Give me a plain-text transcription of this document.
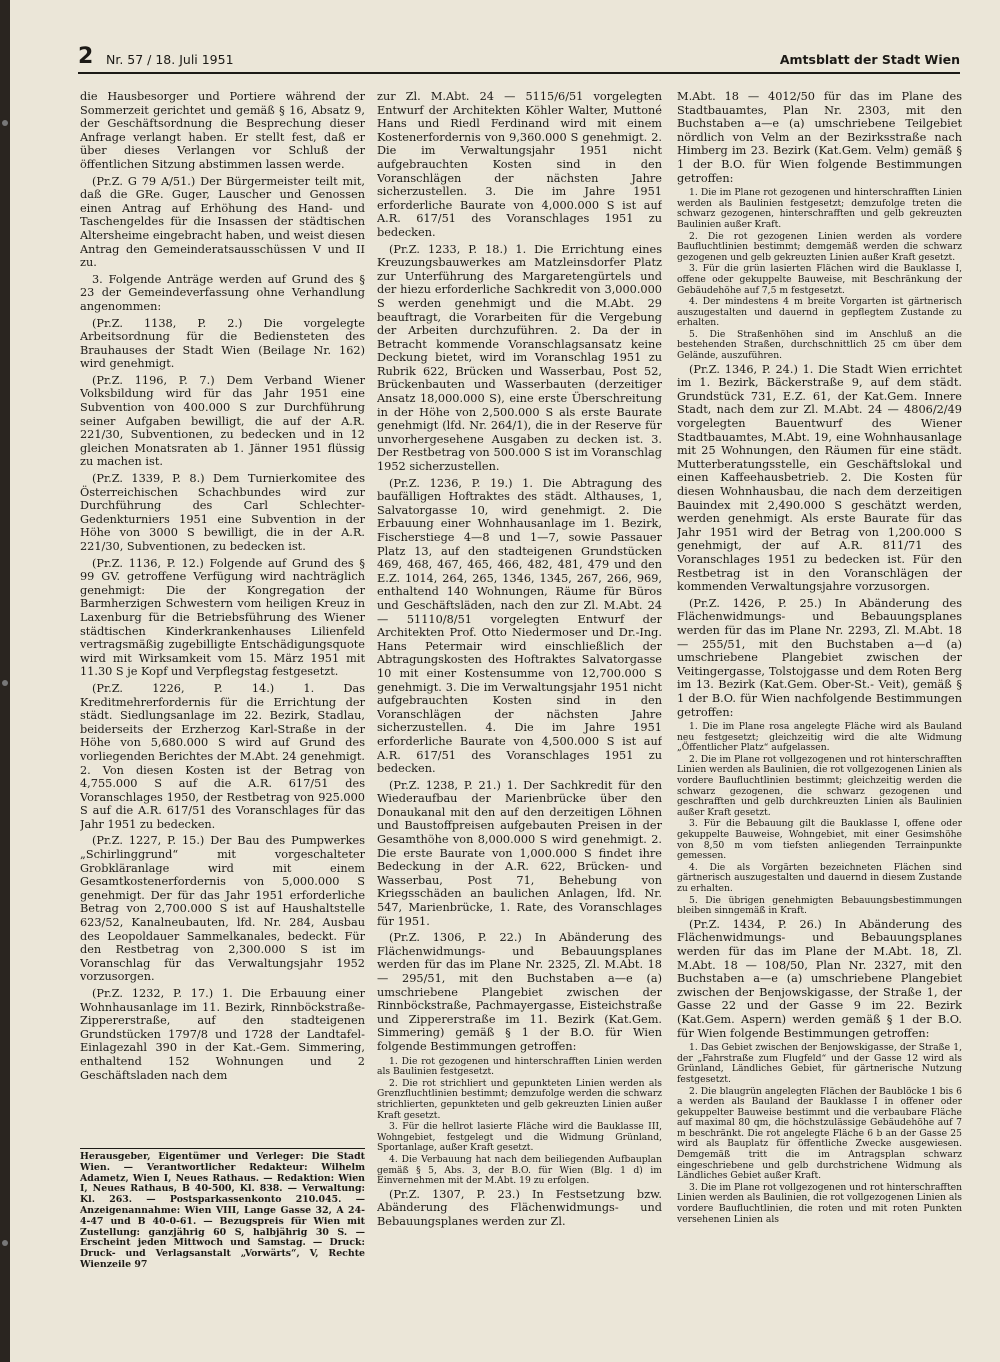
2 Nr. 57 / 18. Juli 1951	Amtsblatt der Stadt Wien

die Hausbesorger und Portiere während der Sommerzeit gerichtet und gemäß § 16, Absatz 9, der Geschäftsordnung die Besprechung dieser Anfrage verlangt haben. Er stellt fest, daß er über dieses Verlangen vor Schluß der öffentlichen Sitzung abstimmen lassen werde.

(Pr.Z. G 79 A/51.) Der Bürgermeister teilt mit, daß die GRe. Guger, Lauscher und Genossen einen Antrag auf Erhöhung des Hand- und Taschengeldes für die Insassen der städtischen Altersheime eingebracht haben, und weist diesen Antrag den Gemeinderatsausschüssen V und II zu.

3. Folgende Anträge werden auf Grund des § 23 der Gemeindeverfassung ohne Verhandlung angenommen:

(Pr.Z. 1138, P. 2.) Die vorgelegte Arbeitsordnung für die Bediensteten des Brauhauses der Stadt Wien (Beilage Nr. 162) wird genehmigt.

(Pr.Z. 1196, P. 7.) Dem Verband Wiener Volksbildung wird für das Jahr 1951 eine Subvention von 400.000 S zur Durchführung seiner Aufgaben bewilligt, die auf der A.R. 221/30, Subventionen, zu bedecken und in 12 gleichen Monatsraten ab 1. Jänner 1951 flüssig zu machen ist.

(Pr.Z. 1339, P. 8.) Dem Turnierkomitee des Österreichischen Schachbundes wird zur Durchführung des Carl Schlechter-Gedenkturniers 1951 eine Subvention in der Höhe von 3000 S bewilligt, die in der A.R. 221/30, Subventionen, zu bedecken ist.

(Pr.Z. 1136, P. 12.) Folgende auf Grund des § 99 GV. getroffene Verfügung wird nachträglich genehmigt: Die der Kongregation der Barmherzigen Schwestern vom heiligen Kreuz in Laxenburg für die Betriebsführung des Wiener städtischen Kinderkrankenhauses Lilienfeld vertragsmäßig zugebilligte Entschädigungsquote wird mit Wirksamkeit vom 15. März 1951 mit 11.30 S je Kopf und Verpflegstag festgesetzt.

(Pr.Z. 1226, P. 14.) 1. Das Kreditmehrerfordernis für die Errichtung der städt. Siedlungsanlage im 22. Bezirk, Stadlau, beiderseits der Erzherzog Karl-Straße in der Höhe von 5,680.000 S wird auf Grund des vorliegenden Berichtes der M.Abt. 24 genehmigt. 2. Von diesen Kosten ist der Betrag von 4,755.000 S auf die A.R. 617/51 des Voranschlages 1950, der Restbetrag von 925.000 S auf die A.R. 617/51 des Voranschlages für das Jahr 1951 zu bedecken.

(Pr.Z. 1227, P. 15.) Der Bau des Pumpwerkes „Schirlinggrund“ mit vorgeschalteter Grobkläranlage wird mit einem Gesamtkostenerfordernis von 5,000.000 S genehmigt. Der für das Jahr 1951 erforderliche Betrag von 2,700.000 S ist auf Haushaltstelle 623/52, Kanalneubauten, lfd. Nr. 284, Ausbau des Leopoldauer Sammelkanales, bedeckt. Für den Restbetrag von 2,300.000 S ist im Voranschlag für das Verwaltungsjahr 1952 vorzusorgen.

(Pr.Z. 1232, P. 17.) 1. Die Erbauung einer Wohnhausanlage im 11. Bezirk, Rinnböckstraße-Zippererstraße, auf den stadteigenen Grundstücken 1797/8 und 1728 der Landtafel-Einlagezahl 390 in der Kat.-Gem. Simmering, enthaltend 152 Wohnungen und 2 Geschäftsladen nach dem

Herausgeber, Eigentümer und Verleger: Die Stadt Wien. — Verantwortlicher Redakteur: Wilhelm Adametz, Wien I, Neues Rathaus. — Redaktion: Wien I, Neues Rathaus, B 40-500, Kl. 838. — Verwaltung: Kl. 263. — Postsparkassenkonto 210.045. — Anzeigenannahme: Wien VIII, Lange Gasse 32, A 24-4-47 und B 40-0-61. — Bezugspreis für Wien mit Zustellung: ganzjährig 60 S, halbjährig 30 S. — Erscheint jeden Mittwoch und Samstag. — Druck: Druck- und Verlagsanstalt „Vorwärts“, V, Rechte Wienzeile 97

zur Zl. M.Abt. 24 — 5115/6/51 vorgelegten Entwurf der Architekten Köhler Walter, Muttoné Hans und Riedl Ferdinand wird mit einem Kostenerfordernis von 9,360.000 S genehmigt. 2. Die im Verwaltungsjahr 1951 nicht aufgebrauchten Kosten sind in den Voranschlägen der nächsten Jahre sicherzustellen. 3. Die im Jahre 1951 erforderliche Baurate von 4,000.000 S ist auf A.R. 617/51 des Voranschlages 1951 zu bedecken.

(Pr.Z. 1233, P. 18.) 1. Die Errichtung eines Kreuzungsbauwerkes am Matzleinsdorfer Platz zur Unterführung des Margaretengürtels und der hiezu erforderliche Sachkredit von 3,000.000 S werden genehmigt und die M.Abt. 29 beauftragt, die Vorarbeiten für die Vergebung der Arbeiten durchzuführen. 2. Da der in Betracht kommende Voranschlagsansatz keine Deckung bietet, wird im Voranschlag 1951 zu Rubrik 622, Brücken und Wasserbau, Post 52, Brückenbauten und Wasserbauten (derzeitiger Ansatz 18,000.000 S), eine erste Überschreitung in der Höhe von 2,500.000 S als erste Baurate genehmigt (lfd. Nr. 264/1), die in der Reserve für unvorhergesehene Ausgaben zu decken ist. 3. Der Restbetrag von 500.000 S ist im Voranschlag 1952 sicherzustellen.

(Pr.Z. 1236, P. 19.) 1. Die Abtragung des baufälligen Hoftraktes des städt. Althauses, 1, Salvatorgasse 10, wird genehmigt. 2. Die Erbauung einer Wohnhausanlage im 1. Bezirk, Fischerstiege 4—8 und 1—7, sowie Passauer Platz 13, auf den stadteigenen Grundstücken 469, 468, 467, 465, 466, 482, 481, 479 und den E.Z. 1014, 264, 265, 1346, 1345, 267, 266, 969, enthaltend 140 Wohnungen, Räume für Büros und Geschäftsläden, nach den zur Zl. M.Abt. 24 — 51110/8/51 vorgelegten Entwurf der Architekten Prof. Otto Niedermoser und Dr.-Ing. Hans Petermair wird einschließlich der Abtragungskosten des Hoftraktes Salvatorgasse 10 mit einer Kostensumme von 12,700.000 S genehmigt. 3. Die im Verwaltungsjahr 1951 nicht aufgebrauchten Kosten sind in den Voranschlägen der nächsten Jahre sicherzustellen. 4. Die im Jahre 1951 erforderliche Baurate von 4,500.000 S ist auf A.R. 617/51 des Voranschlages 1951 zu bedecken.

(Pr.Z. 1238, P. 21.) 1. Der Sachkredit für den Wiederaufbau der Marienbrücke über den Donaukanal mit den auf den derzeitigen Löhnen und Baustoffpreisen aufgebauten Preisen in der Gesamthöhe von 8,000.000 S wird genehmigt. 2. Die erste Baurate von 1,000.000 S findet ihre Bedeckung in der A.R. 622, Brücken- und Wasserbau, Post 71, Behebung von Kriegsschäden an baulichen Anlagen, lfd. Nr. 547, Marienbrücke, 1. Rate, des Voranschlages für 1951.

(Pr.Z. 1306, P. 22.) In Abänderung des Flächenwidmungs- und Bebauungsplanes werden für das im Plane Nr. 2325, Zl. M.Abt. 18 — 295/51, mit den Buchstaben a—e (a) umschriebene Plangebiet zwischen der Rinnböckstraße, Pachmayergasse, Eisteichstraße und Zippererstraße im 11. Bezirk (Kat.Gem. Simmering) gemäß § 1 der B.O. für Wien folgende Bestimmungen getroffen:

1. Die rot gezogenen und hinterschrafften Linien werden als Baulinien festgesetzt.

2. Die rot strichliert und gepunkteten Linien werden als Grenzfluchtlinien bestimmt; demzufolge werden die schwarz strichlierten, gepunkteten und gelb gekreuzten Linien außer Kraft gesetzt.

3. Für die hellrot lasierte Fläche wird die Bauklasse III, Wohngebiet, festgelegt und die Widmung Grünland, Sportanlage, außer Kraft gesetzt.

4. Die Verbauung hat nach dem beiliegenden Aufbauplan gemäß § 5, Abs. 3, der B.O. für Wien (Blg. 1 d) im Einvernehmen mit der M.Abt. 19 zu erfolgen.

(Pr.Z. 1307, P. 23.) In Festsetzung bzw. Abänderung des Flächenwidmungs- und Bebauungsplanes werden zur Zl.

M.Abt. 18 — 4012/50 für das im Plane des Stadtbauamtes, Plan Nr. 2303, mit den Buchstaben a—e (a) umschriebene Teilgebiet nördlich von Velm an der Bezirksstraße nach Himberg im 23. Bezirk (Kat.Gem. Velm) gemäß § 1 der B.O. für Wien folgende Bestimmungen getroffen:

1. Die im Plane rot gezogenen und hinterschrafften Linien werden als Baulinien festgesetzt; demzufolge treten die schwarz gezogenen, hinterschrafften und gelb gekreuzten Baulinien außer Kraft.

2. Die rot gezogenen Linien werden als vordere Baufluchtlinien bestimmt; demgemäß werden die schwarz gezogenen und gelb gekreuzten Linien außer Kraft gesetzt.

3. Für die grün lasierten Flächen wird die Bauklasse I, offene oder gekuppelte Bauweise, mit Beschränkung der Gebäudehöhe auf 7,5 m festgesetzt.

4. Der mindestens 4 m breite Vorgarten ist gärtnerisch auszugestalten und dauernd in gepflegtem Zustande zu erhalten.

5. Die Straßenhöhen sind im Anschluß an die bestehenden Straßen, durchschnittlich 25 cm über dem Gelände, auszuführen.

(Pr.Z. 1346, P. 24.) 1. Die Stadt Wien errichtet im 1. Bezirk, Bäckerstraße 9, auf dem städt. Grundstück 731, E.Z. 61, der Kat.Gem. Innere Stadt, nach dem zur Zl. M.Abt. 24 — 4806/2/49 vorgelegten Bauentwurf des Wiener Stadtbauamtes, M.Abt. 19, eine Wohnhausanlage mit 25 Wohnungen, den Räumen für eine städt. Mutterberatungsstelle, ein Geschäftslokal und einen Kaffeehausbetrieb. 2. Die Kosten für diesen Wohnhausbau, die nach dem derzeitigen Bauindex mit 2,490.000 S geschätzt werden, werden genehmigt. Als erste Baurate für das Jahr 1951 wird der Betrag von 1,200.000 S genehmigt, der auf A.R. 811/71 des Voranschlages 1951 zu bedecken ist. Für den Restbetrag ist in den Voranschlägen der kommenden Verwaltungsjahre vorzusorgen.

(Pr.Z. 1426, P. 25.) In Abänderung des Flächenwidmungs- und Bebauungsplanes werden für das im Plane Nr. 2293, Zl. M.Abt. 18 — 255/51, mit den Buchstaben a—d (a) umschriebene Plangebiet zwischen der Veitingergasse, Tolstojgasse und dem Roten Berg im 13. Bezirk (Kat.Gem. Ober-St.- Veit), gemäß § 1 der B.O. für Wien nachfolgende Bestimmungen getroffen:

1. Die im Plane rosa angelegte Fläche wird als Bauland neu festgesetzt; gleichzeitig wird die alte Widmung „Öffentlicher Platz“ aufgelassen.

2. Die im Plane rot vollgezogenen und rot hinterschrafften Linien werden als Baulinien, die rot vollgezogenen Linien als vordere Baufluchtlinien bestimmt; gleichzeitig werden die schwarz gezogenen, die schwarz gezogenen und geschrafften und gelb durchkreuzten Linien als Baulinien außer Kraft gesetzt.

3. Für die Bebauung gilt die Bauklasse I, offene oder gekuppelte Bauweise, Wohngebiet, mit einer Gesimshöhe von 8,50 m vom tiefsten anliegenden Terrainpunkte gemessen.

4. Die als Vorgärten bezeichneten Flächen sind gärtnerisch auszugestalten und dauernd in diesem Zustande zu erhalten.

5. Die übrigen genehmigten Bebauungsbestimmungen bleiben sinngemäß in Kraft.

(Pr.Z. 1434, P. 26.) In Abänderung des Flächenwidmungs- und Bebauungsplanes werden für das im Plane der M.Abt. 18, Zl. M.Abt. 18 — 108/50, Plan Nr. 2327, mit den Buchstaben a—e (a) umschriebene Plangebiet zwischen der Benjowskigasse, der Straße 1, der Gasse 22 und der Gasse 9 im 22. Bezirk (Kat.Gem. Aspern) werden gemäß § 1 der B.O. für Wien folgende Bestimmungen getroffen:

1. Das Gebiet zwischen der Benjowskigasse, der Straße 1, der „Fahrstraße zum Flugfeld“ und der Gasse 12 wird als Grünland, Ländliches Gebiet, für gärtnerische Nutzung festgesetzt.

2. Die blaugrün angelegten Flächen der Baublöcke 1 bis 6 a werden als Bauland der Bauklasse I in offener oder gekuppelter Bauweise bestimmt und die verbaubare Fläche auf maximal 80 qm, die höchstzulässige Gebäudehöhe auf 7 m beschränkt. Die rot angelegte Fläche 6 b an der Gasse 25 wird als Bauplatz für öffentliche Zwecke ausgewiesen. Demgemäß tritt die im Antragsplan schwarz eingeschriebene und gelb durchstrichene Widmung als Ländliches Gebiet außer Kraft.

3. Die im Plane rot vollgezogenen und rot hinterschrafften Linien werden als Baulinien, die rot vollgezogenen Linien als vordere Baufluchtlinien, die roten und mit roten Punkten versehenen Linien als
